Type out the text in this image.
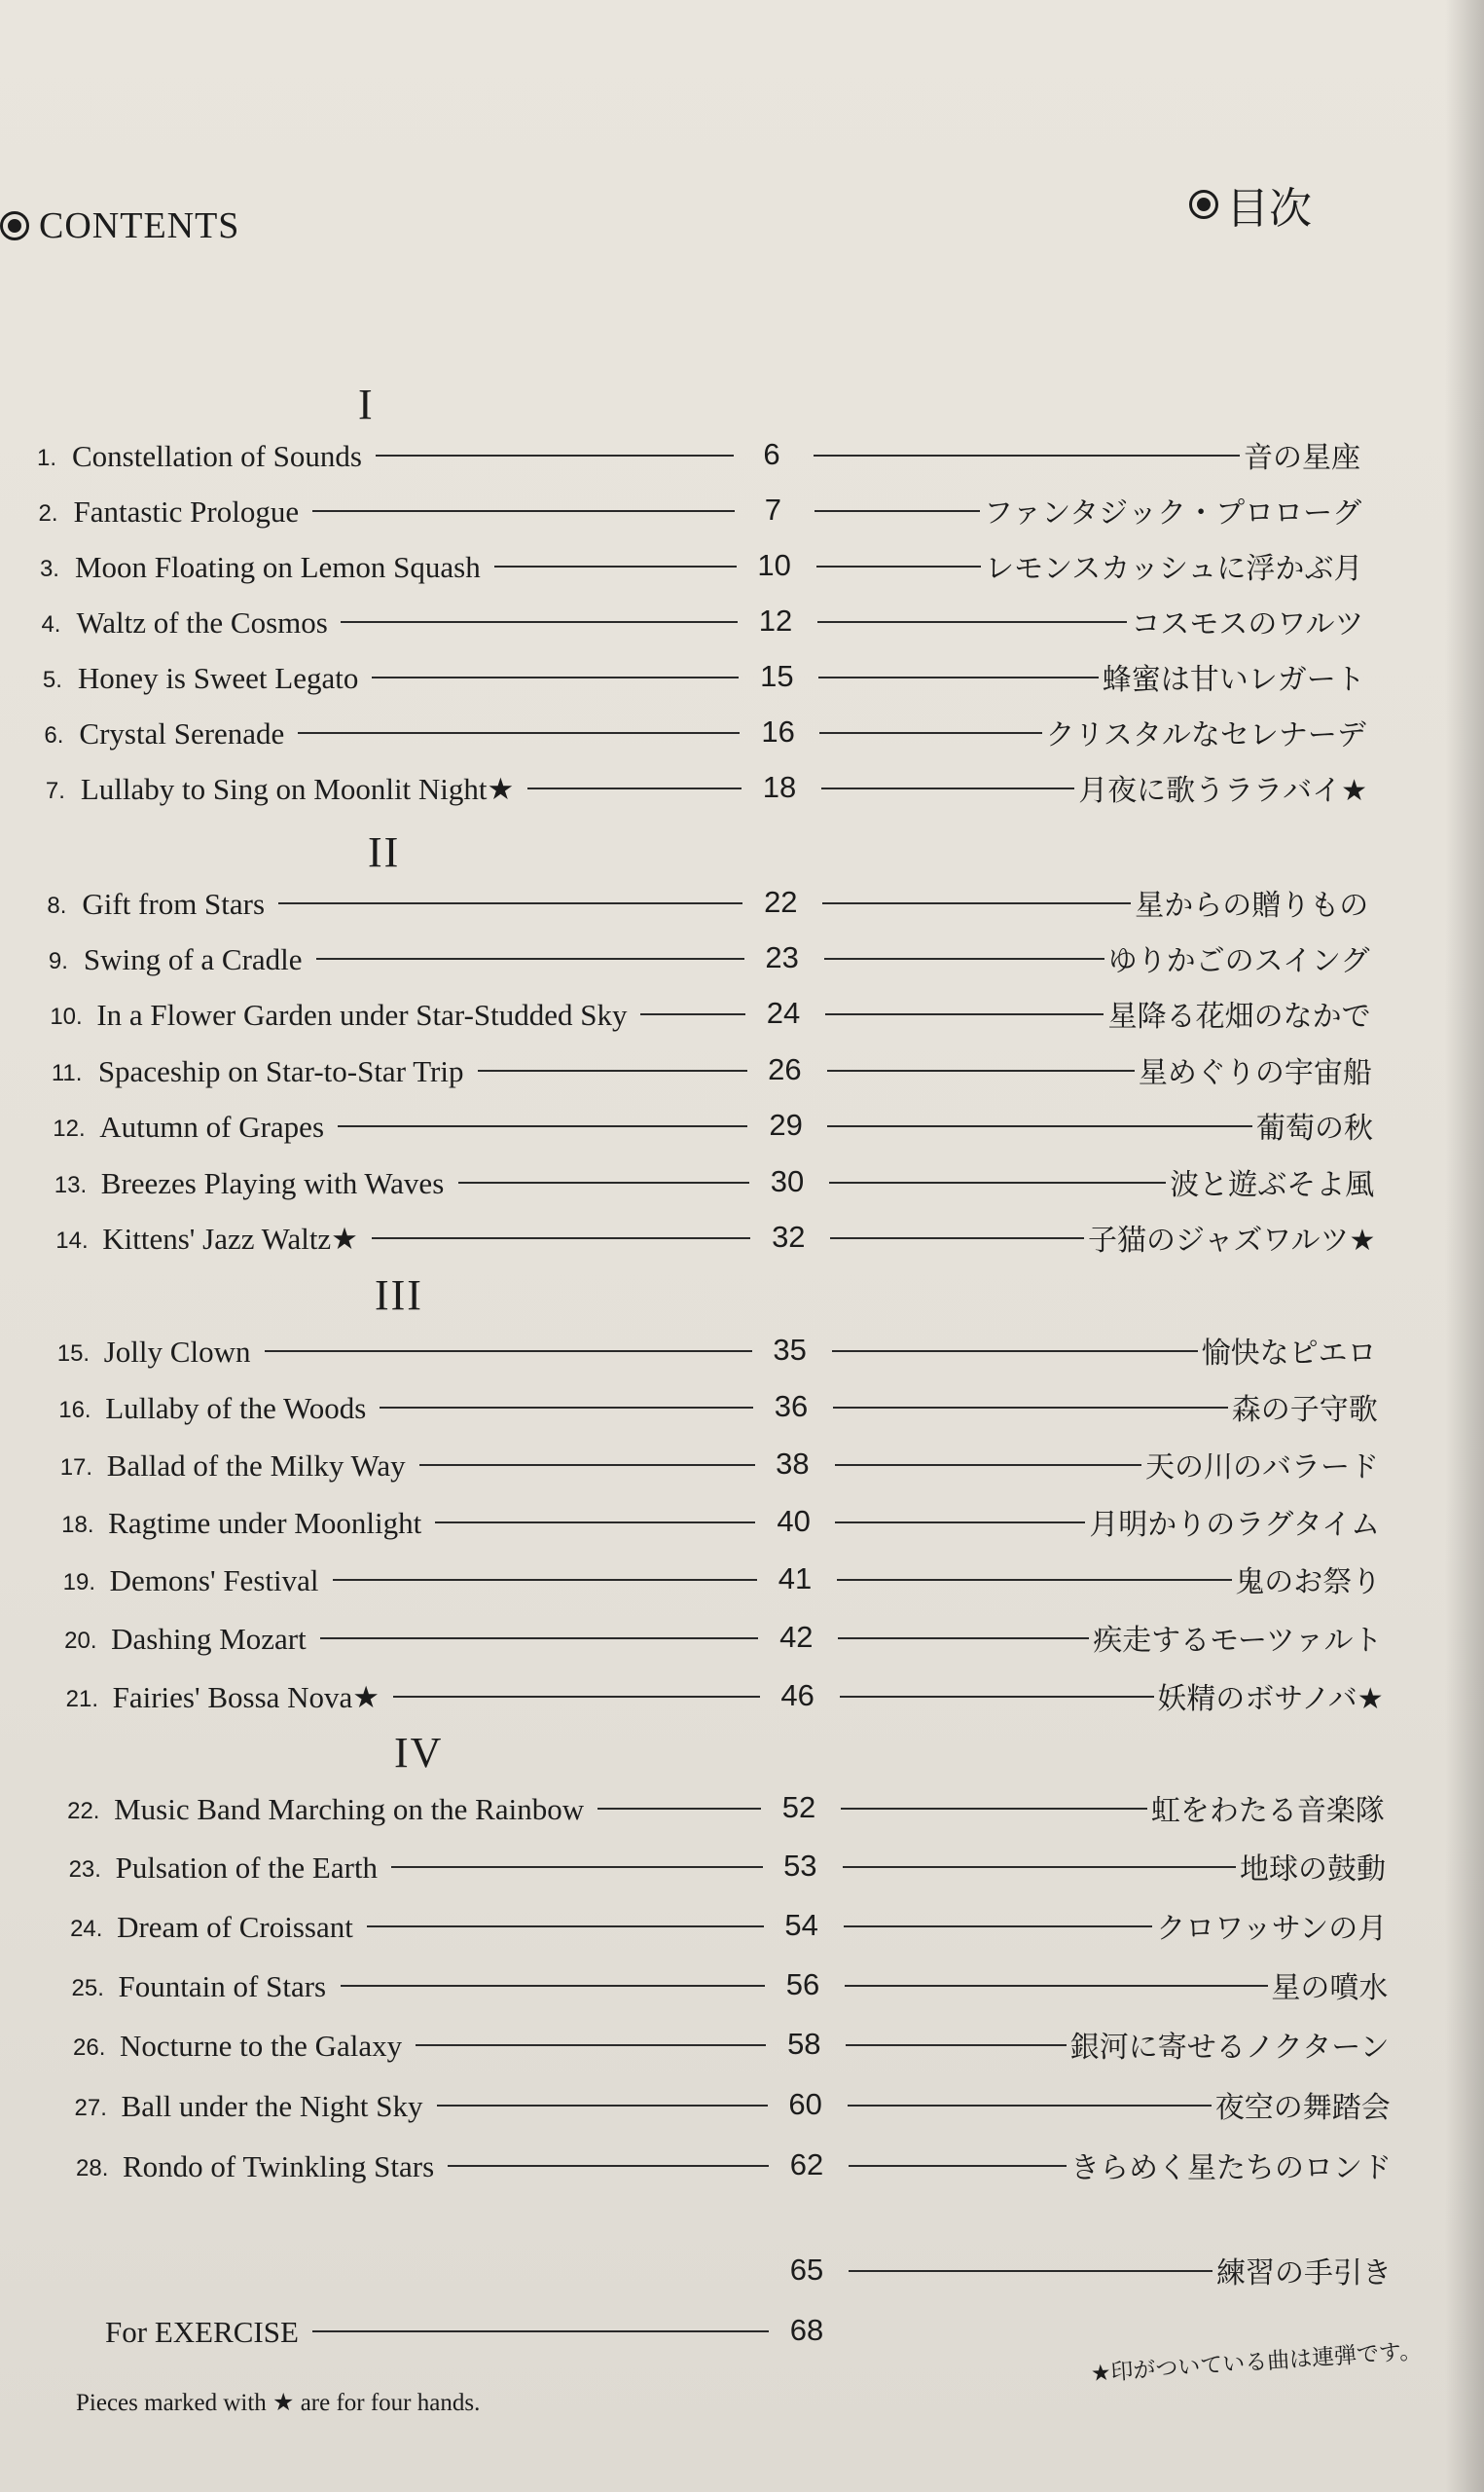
CONTENTS	目次
I
II
III
IV
1. Constellation of Sounds	6	音の星座
2. Fantastic Prologue	7	ファンタジック・プロローグ
3. Moon Floating on Lemon Squash	10	レモンスカッシュに浮かぶ月
4. Waltz of the Cosmos	12	コスモスのワルツ
5. Honey is Sweet Legato	15	蜂蜜は甘いレガート
6. Crystal Serenade	16	クリスタルなセレナーデ
7. Lullaby to Sing on Moonlit Night★	18	月夜に歌うララバイ★
8. Gift from Stars	22	星からの贈りもの
9. Swing of a Cradle	23	ゆりかごのスイング
10. In a Flower Garden under Star-Studded Sky	24	星降る花畑のなかで
11. Spaceship on Star-to-Star Trip	26	星めぐりの宇宙船
12. Autumn of Grapes	29	葡萄の秋
13. Breezes Playing with Waves	30	波と遊ぶそよ風
14. Kittens' Jazz Waltz★	32	子猫のジャズワルツ★
15. Jolly Clown	35	愉快なピエロ
16. Lullaby of the Woods	36	森の子守歌
17. Ballad of the Milky Way	38	天の川のバラード
18. Ragtime under Moonlight	40	月明かりのラグタイム
19. Demons' Festival	41	鬼のお祭り
20. Dashing Mozart	42	疾走するモーツァルト
21. Fairies' Bossa Nova★	46	妖精のボサノバ★
22. Music Band Marching on the Rainbow	52	虹をわたる音楽隊
23. Pulsation of the Earth	53	地球の鼓動
24. Dream of Croissant	54	クロワッサンの月
25. Fountain of Stars	56	星の噴水
26. Nocturne to the Galaxy	58	銀河に寄せるノクターン
27. Ball under the Night Sky	60	夜空の舞踏会
28. Rondo of Twinkling Stars	62	きらめく星たちのロンド
65	練習の手引き
For EXERCISE	68
Pieces marked with ★ are for four hands.
★印がついている曲は連弾です。
